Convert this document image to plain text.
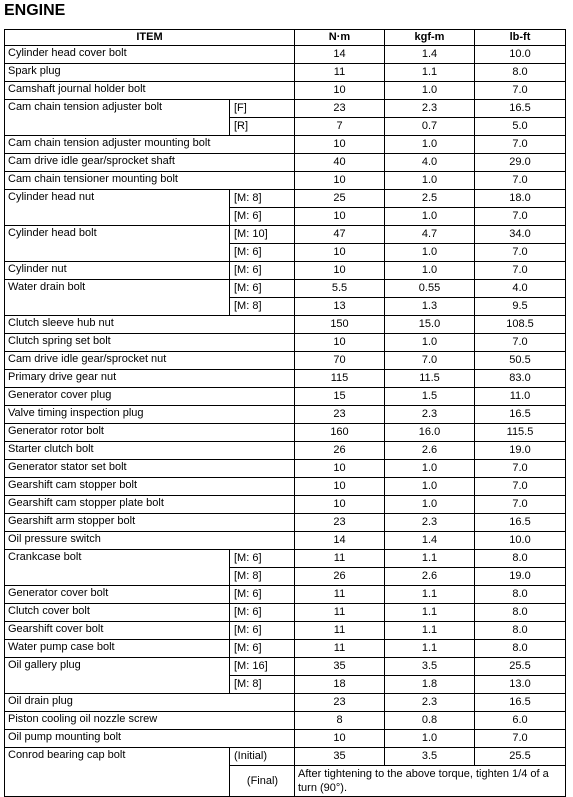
ENGINE
ITEM		N·m	kgf-m	lb-ft
Cylinder head cover bolt		14	1.4	10.0
Spark plug		11	1.1	8.0
Camshaft journal holder bolt		10	1.0	7.0
Cam chain tension adjuster bolt	[F]	23	2.3	16.5
	[R]	7	0.7	5.0
Cam chain tension adjuster mounting bolt		10	1.0	7.0
Cam drive idle gear/sprocket shaft		40	4.0	29.0
Cam chain tensioner mounting bolt		10	1.0	7.0
Cylinder head nut	[M: 8]	25	2.5	18.0
	[M: 6]	10	1.0	7.0
Cylinder head bolt	[M: 10]	47	4.7	34.0
	[M: 6]	10	1.0	7.0
Cylinder nut	[M: 6]	10	1.0	7.0
Water drain bolt	[M: 6]	5.5	0.55	4.0
	[M: 8]	13	1.3	9.5
Clutch sleeve hub nut		150	15.0	108.5
Clutch spring set bolt		10	1.0	7.0
Cam drive idle gear/sprocket nut		70	7.0	50.5
Primary drive gear nut		115	11.5	83.0
Generator cover plug		15	1.5	11.0
Valve timing inspection plug		23	2.3	16.5
Generator rotor bolt		160	16.0	115.5
Starter clutch bolt		26	2.6	19.0
Generator stator set bolt		10	1.0	7.0
Gearshift cam stopper bolt		10	1.0	7.0
Gearshift cam stopper plate bolt		10	1.0	7.0
Gearshift arm stopper bolt		23	2.3	16.5
Oil pressure switch		14	1.4	10.0
Crankcase bolt	[M: 6]	11	1.1	8.0
	[M: 8]	26	2.6	19.0
Generator cover bolt	[M: 6]	11	1.1	8.0
Clutch cover bolt	[M: 6]	11	1.1	8.0
Gearshift cover bolt	[M: 6]	11	1.1	8.0
Water pump case bolt	[M: 6]	11	1.1	8.0
Oil gallery plug	[M: 16]	35	3.5	25.5
	[M: 8]	18	1.8	13.0
Oil drain plug		23	2.3	16.5
Piston cooling oil nozzle screw		8	0.8	6.0
Oil pump mounting bolt		10	1.0	7.0
Conrod bearing cap bolt	(Initial)	35	3.5	25.5
	(Final)	After tightening to the above torque, tighten 1/4 of a turn (90°).		
